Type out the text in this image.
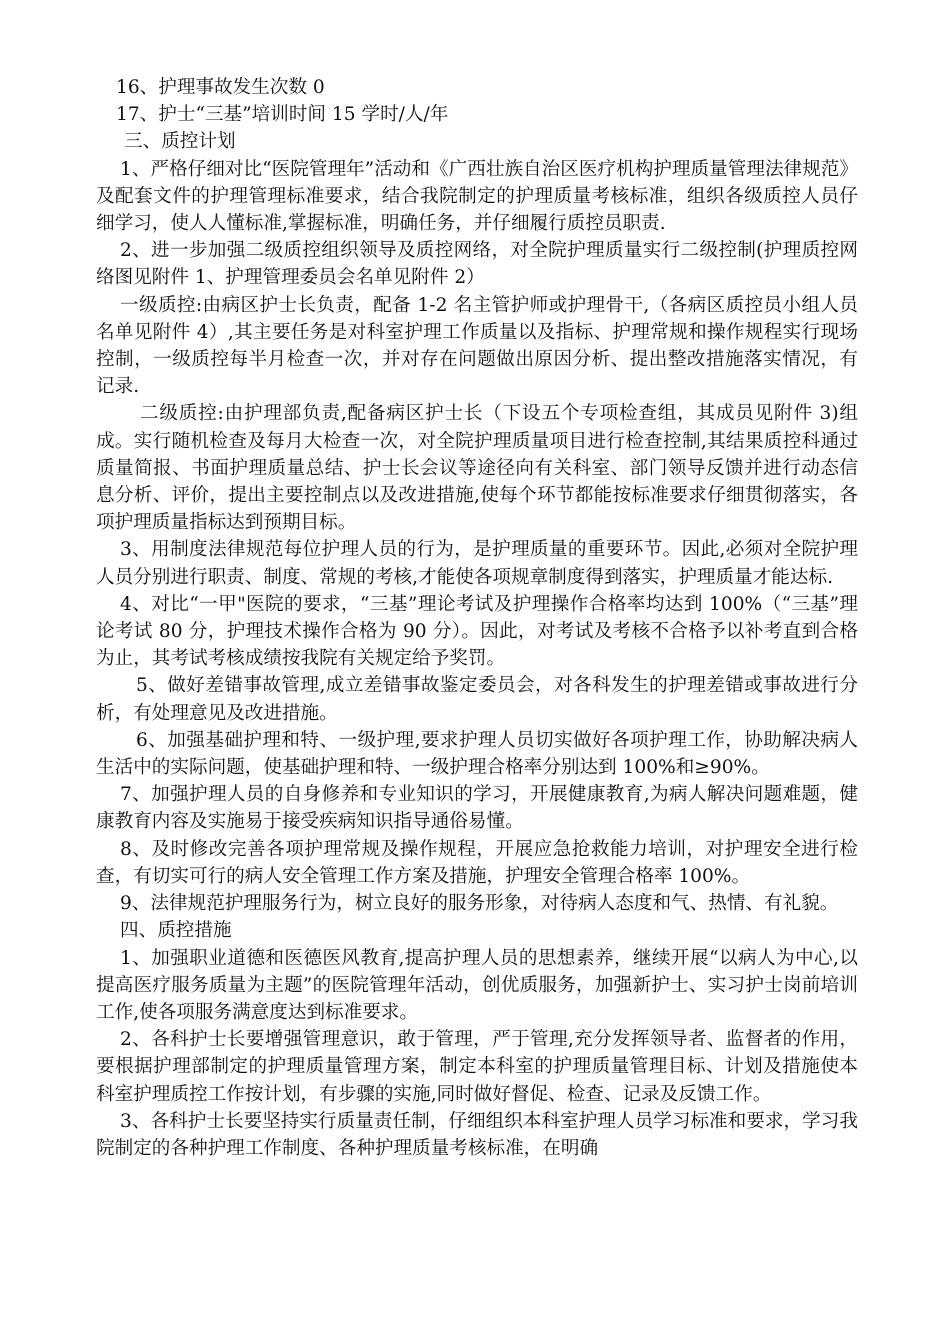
16、护理事故发生次数 0

17、护士“三基”培训时间 15 学时/人/年

三、质控计划

1、严格仔细对比“医院管理年”活动和《广西壮族自治区医疗机构护理质量管理法律规范》及配套文件的护理管理标准要求，结合我院制定的护理质量考核标准，组织各级质控人员仔细学习，使人人懂标准,掌握标准，明确任务，并仔细履行质控员职责.

2、进一步加强二级质控组织领导及质控网络，对全院护理质量实行二级控制(护理质控网络图见附件 1、护理管理委员会名单见附件 2）

一级质控:由病区护士长负责，配备 1-2 名主管护师或护理骨干,（各病区质控员小组人员名单见附件 4）,其主要任务是对科室护理工作质量以及指标、护理常规和操作规程实行现场控制，一级质控每半月检查一次，并对存在问题做出原因分析、提出整改措施落实情况，有记录.

二级质控:由护理部负责,配备病区护士长（下设五个专项检查组，其成员见附件 3)组成。实行随机检查及每月大检查一次，对全院护理质量项目进行检查控制,其结果质控科通过质量简报、书面护理质量总结、护士长会议等途径向有关科室、部门领导反馈并进行动态信息分析、评价，提出主要控制点以及改进措施,使每个环节都能按标准要求仔细贯彻落实，各项护理质量指标达到预期目标。

3、用制度法律规范每位护理人员的行为，是护理质量的重要环节。因此,必须对全院护理人员分别进行职责、制度、常规的考核,才能使各项规章制度得到落实，护理质量才能达标.

4、对比“一甲"医院的要求，“三基”理论考试及护理操作合格率均达到 100%（“三基”理论考试 80 分，护理技术操作合格为 90 分）。因此，对考试及考核不合格予以补考直到合格为止，其考试考核成绩按我院有关规定给予奖罚。

5、做好差错事故管理,成立差错事故鉴定委员会，对各科发生的护理差错或事故进行分析，有处理意见及改进措施。

6、加强基础护理和特、一级护理,要求护理人员切实做好各项护理工作，协助解决病人生活中的实际问题，使基础护理和特、一级护理合格率分别达到 100%和≥90%。

7、加强护理人员的自身修养和专业知识的学习，开展健康教育,为病人解决问题难题，健康教育内容及实施易于接受疾病知识指导通俗易懂。

8、及时修改完善各项护理常规及操作规程，开展应急抢救能力培训，对护理安全进行检查，有切实可行的病人安全管理工作方案及措施，护理安全管理合格率 100%。

9、法律规范护理服务行为，树立良好的服务形象，对待病人态度和气、热情、有礼貌。

四、质控措施

1、加强职业道德和医德医风教育,提高护理人员的思想素养，继续开展“以病人为中心,以提高医疗服务质量为主题”的医院管理年活动，创优质服务，加强新护士、实习护士岗前培训工作,使各项服务满意度达到标准要求。

2、各科护士长要增强管理意识，敢于管理，严于管理,充分发挥领导者、监督者的作用，要根据护理部制定的护理质量管理方案，制定本科室的护理质量管理目标、计划及措施使本科室护理质控工作按计划，有步骤的实施,同时做好督促、检查、记录及反馈工作。

3、各科护士长要坚持实行质量责任制，仔细组织本科室护理人员学习标准和要求，学习我院制定的各种护理工作制度、各种护理质量考核标准，在明确
